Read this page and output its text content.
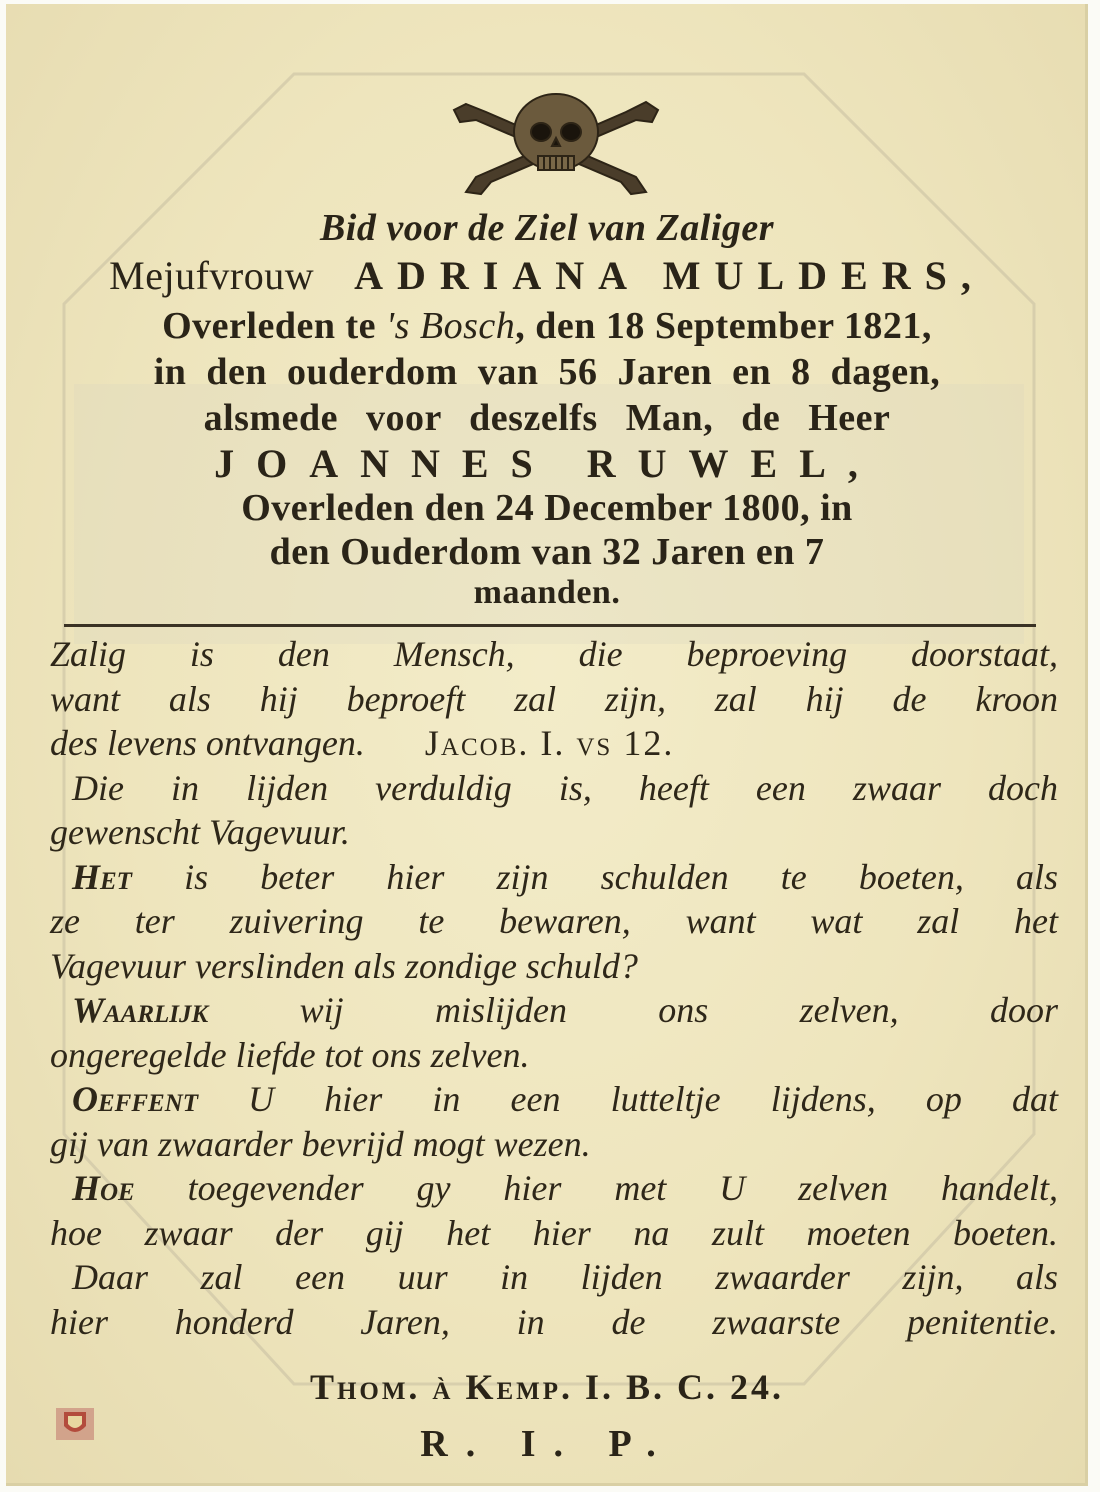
Bid voor de Ziel van Zaliger
Mejufvrouw ADRIANA MULDERS,
Overleden te 's Bosch, den 18 September 1821,
in den ouderdom van 56 Jaren en 8 dagen,
alsmede voor deszelfs Man, de Heer
JOANNES RUWEL,
Overleden den 24 December 1800, in
den Ouderdom van 32 Jaren en 7
maanden.

Zalig is den Mensch, die beproeving doorstaat,

want als hij beproeft zal zijn, zal hij de kroon

des levens ontvangen. Jacob. I. vs 12.

Die in lijden verduldig is, heeft een zwaar doch

gewenscht Vagevuur.

Het is beter hier zijn schulden te boeten, als

ze ter zuivering te bewaren, want wat zal het

Vagevuur verslinden als zondige schuld?

Waarlijk	wij mislijden ons zelven, door

ongeregelde liefde tot ons zelven.

Oeffent U hier in een lutteltje lijdens, op dat

gij van zwaarder bevrijd mogt wezen.

Hoe toegevender gy hier met U zelven handelt,

hoe zwaar der gij het hier na zult moeten boeten.

Daar zal een uur in lijden zwaarder zijn, als

hier honderd Jaren, in de zwaarste penitentie.

Thom. à Kemp. I. B. C. 24.
R. I. P.
